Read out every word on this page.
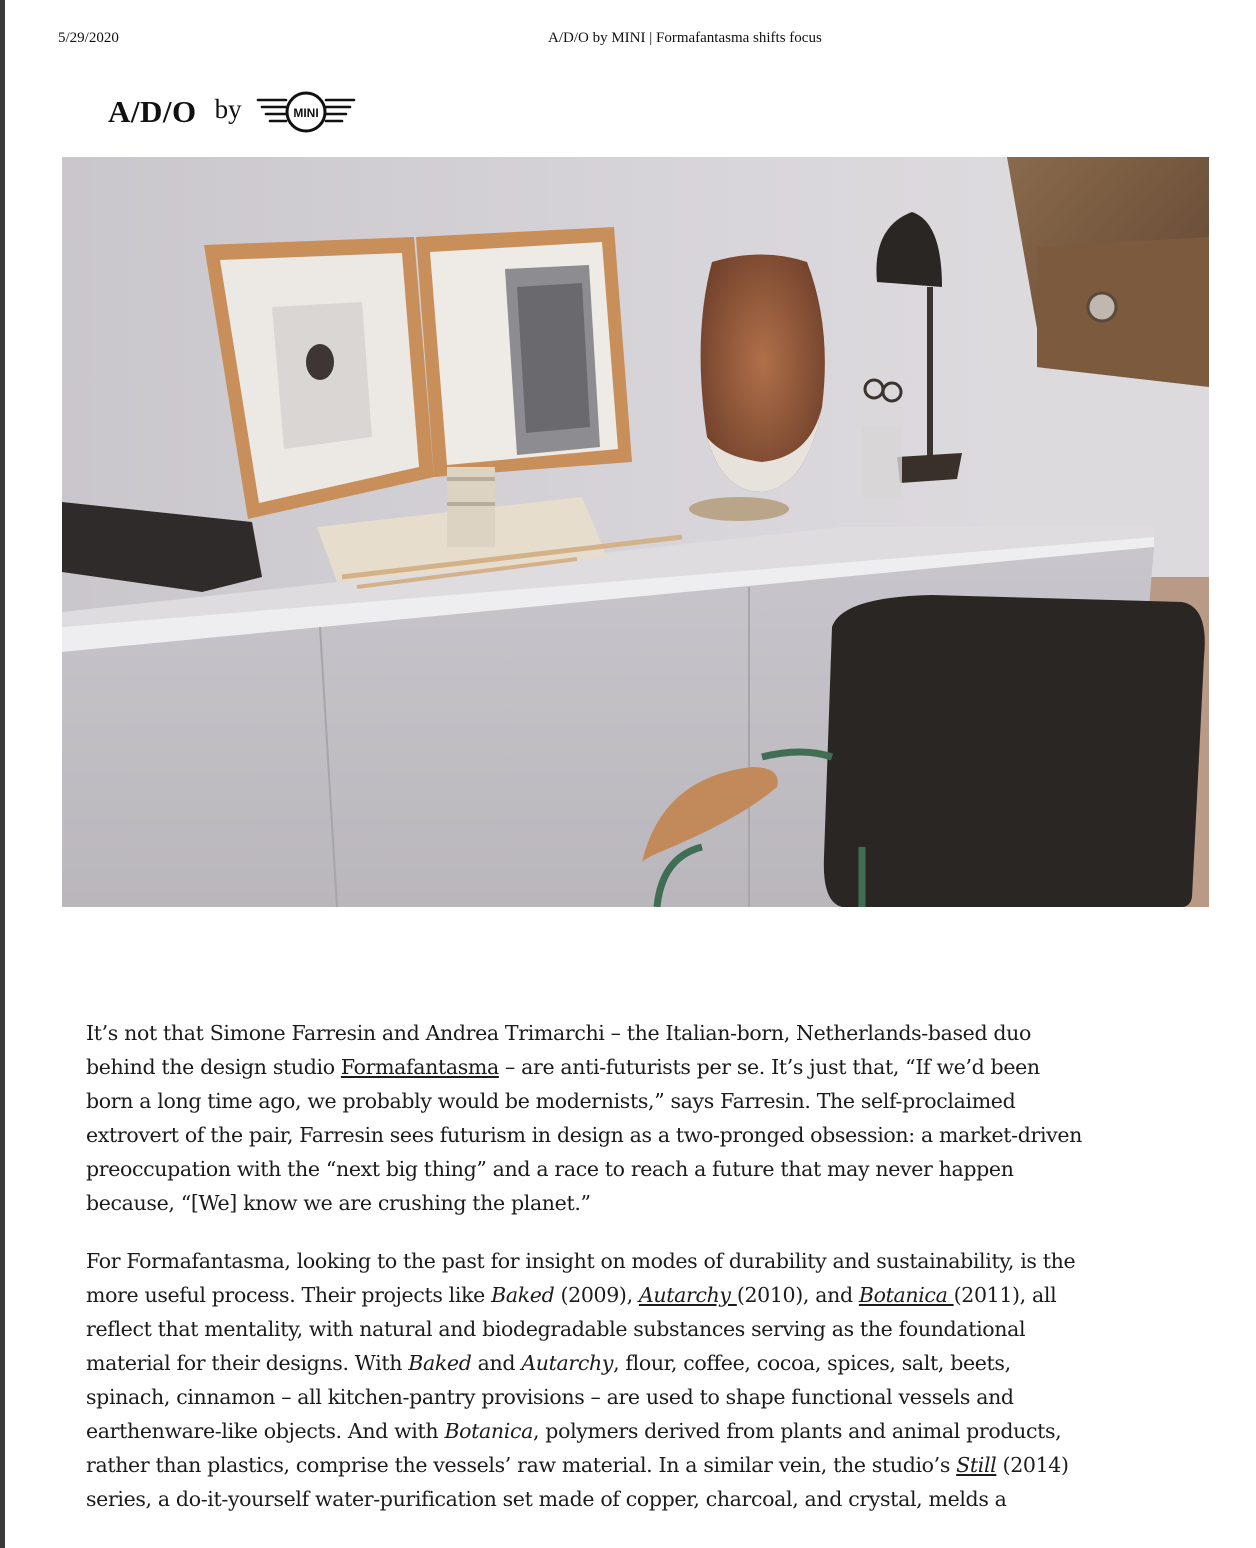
5/29/2020	A/D/O by MINI | Formafantasma shifts focus
A/D/O by	MINI

It’s not that Simone Farresin and Andrea Trimarchi – the Italian-born, Netherlands-based duo behind the design studio Formafantasma – are anti-futurists per se. It’s just that, “If we’d been born a long time ago, we probably would be modernists,” says Farresin. The self-proclaimed extrovert of the pair, Farresin sees futurism in design as a two-pronged obsession: a market-driven preoccupation with the “next big thing” and a race to reach a future that may never happen because, “[We] know we are crushing the planet.”

For Formafantasma, looking to the past for insight on modes of durability and sustainability, is the more useful process. Their projects like Baked (2009), Autarchy (2010), and Botanica (2011), all reflect that mentality, with natural and biodegradable substances serving as the foundational material for their designs. With Baked and Autarchy, flour, coffee, cocoa, spices, salt, beets, spinach, cinnamon – all kitchen-pantry provisions – are used to shape functional vessels and earthenware-like objects. And with Botanica, polymers derived from plants and animal products, rather than plastics, comprise the vessels’ raw material. In a similar vein, the studio’s Still (2014) series, a do-it-yourself water-purification set made of copper, charcoal, and crystal, melds a
